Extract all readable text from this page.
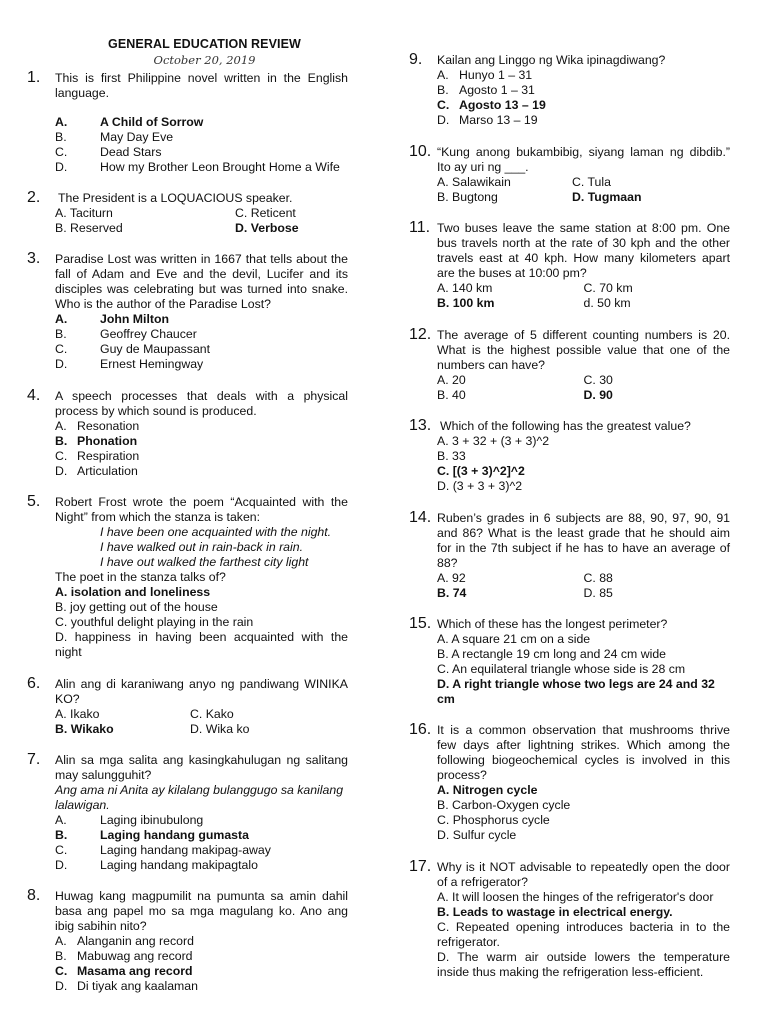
GENERAL EDUCATION REVIEW
October 20, 2019
1. This is first Philippine novel written in the English language.
A.	A Child of Sorrow
B.	May Day Eve
C.	Dead Stars
D.	How my Brother Leon Brought Home a Wife
2. The President is a LOQUACIOUS speaker.
A. Taciturn	C. Reticent
B. Reserved	D. Verbose
3. Paradise Lost was written in 1667 that tells about the fall of Adam and Eve and the devil, Lucifer and its disciples was celebrating but was turned into snake. Who is the author of the Paradise Lost?
A.	John Milton
B.	Geoffrey Chaucer
C.	Guy de Maupassant
D.	Ernest Hemingway
4. A speech processes that deals with a physical process by which sound is produced.
A. Resonation
B. Phonation
C. Respiration
D. Articulation
5. Robert Frost wrote the poem “Acquainted with the Night” from which the stanza is taken:
I have been one acquainted with the night.
I have walked out in rain-back in rain.
I have out walked the farthest city light
The poet in the stanza talks of?
A. isolation and loneliness
B. joy getting out of the house
C. youthful delight playing in the rain
D. happiness in having been acquainted with the night
6. Alin ang di karaniwang anyo ng pandiwang WINIKA KO?
A. Ikako	C. Kako
B. Wikako	D. Wika ko
7. Alin sa mga salita ang kasingkahulugan ng salitang may salungguhit?
Ang ama ni Anita ay kilalang bulanggugo sa kanilang lalawigan.
A.	Laging ibinubulong
B.	Laging handang gumasta
C.	Laging handang makipag-away
D.	Laging handang makipagtalo
8. Huwag kang magpumilit na pumunta sa amin dahil basa ang papel mo sa mga magulang ko. Ano ang ibig sabihin nito?
A. Alanganin ang record
B. Mabuwag ang record
C. Masama ang record
D. Di tiyak ang kaalaman
9. Kailan ang Linggo ng Wika ipinagdiwang?
A. Hunyo 1 – 31
B. Agosto 1 – 31
C. Agosto 13 – 19
D. Marso 13 – 19
10. “Kung anong bukambibig, siyang laman ng dibdib.” Ito ay uri ng ___.
A. Salawikain	C. Tula
B. Bugtong	D. Tugmaan
11. Two buses leave the same station at 8:00 pm. One bus travels north at the rate of 30 kph and the other travels east at 40 kph. How many kilometers apart are the buses at 10:00 pm?
A. 140 km	C. 70 km
B. 100 km	d. 50 km
12. The average of 5 different counting numbers is 20. What is the highest possible value that one of the numbers can have?
A. 20	C. 30
B. 40	D. 90
13. Which of the following has the greatest value?
A. 3 + 32 + (3 + 3)^2
B. 33
C. [(3 + 3)^2]^2
D. (3 + 3 + 3)^2
14. Ruben’s grades in 6 subjects are 88, 90, 97, 90, 91 and 86? What is the least grade that he should aim for in the 7th subject if he has to have an average of 88?
A. 92	C. 88
B. 74	D. 85
15. Which of these has the longest perimeter?
A. A square 21 cm on a side
B. A rectangle 19 cm long and 24 cm wide
C. An equilateral triangle whose side is 28 cm
D. A right triangle whose two legs are 24 and 32 cm
16. It is a common observation that mushrooms thrive few days after lightning strikes. Which among the following biogeochemical cycles is involved in this process?
A. Nitrogen cycle
B. Carbon-Oxygen cycle
C. Phosphorus cycle
D. Sulfur cycle
17. Why is it NOT advisable to repeatedly open the door of a refrigerator?
A. It will loosen the hinges of the refrigerator's door
B. Leads to wastage in electrical energy.
C. Repeated opening introduces bacteria in to the refrigerator.
D. The warm air outside lowers the temperature inside thus making the refrigeration less-efficient.
